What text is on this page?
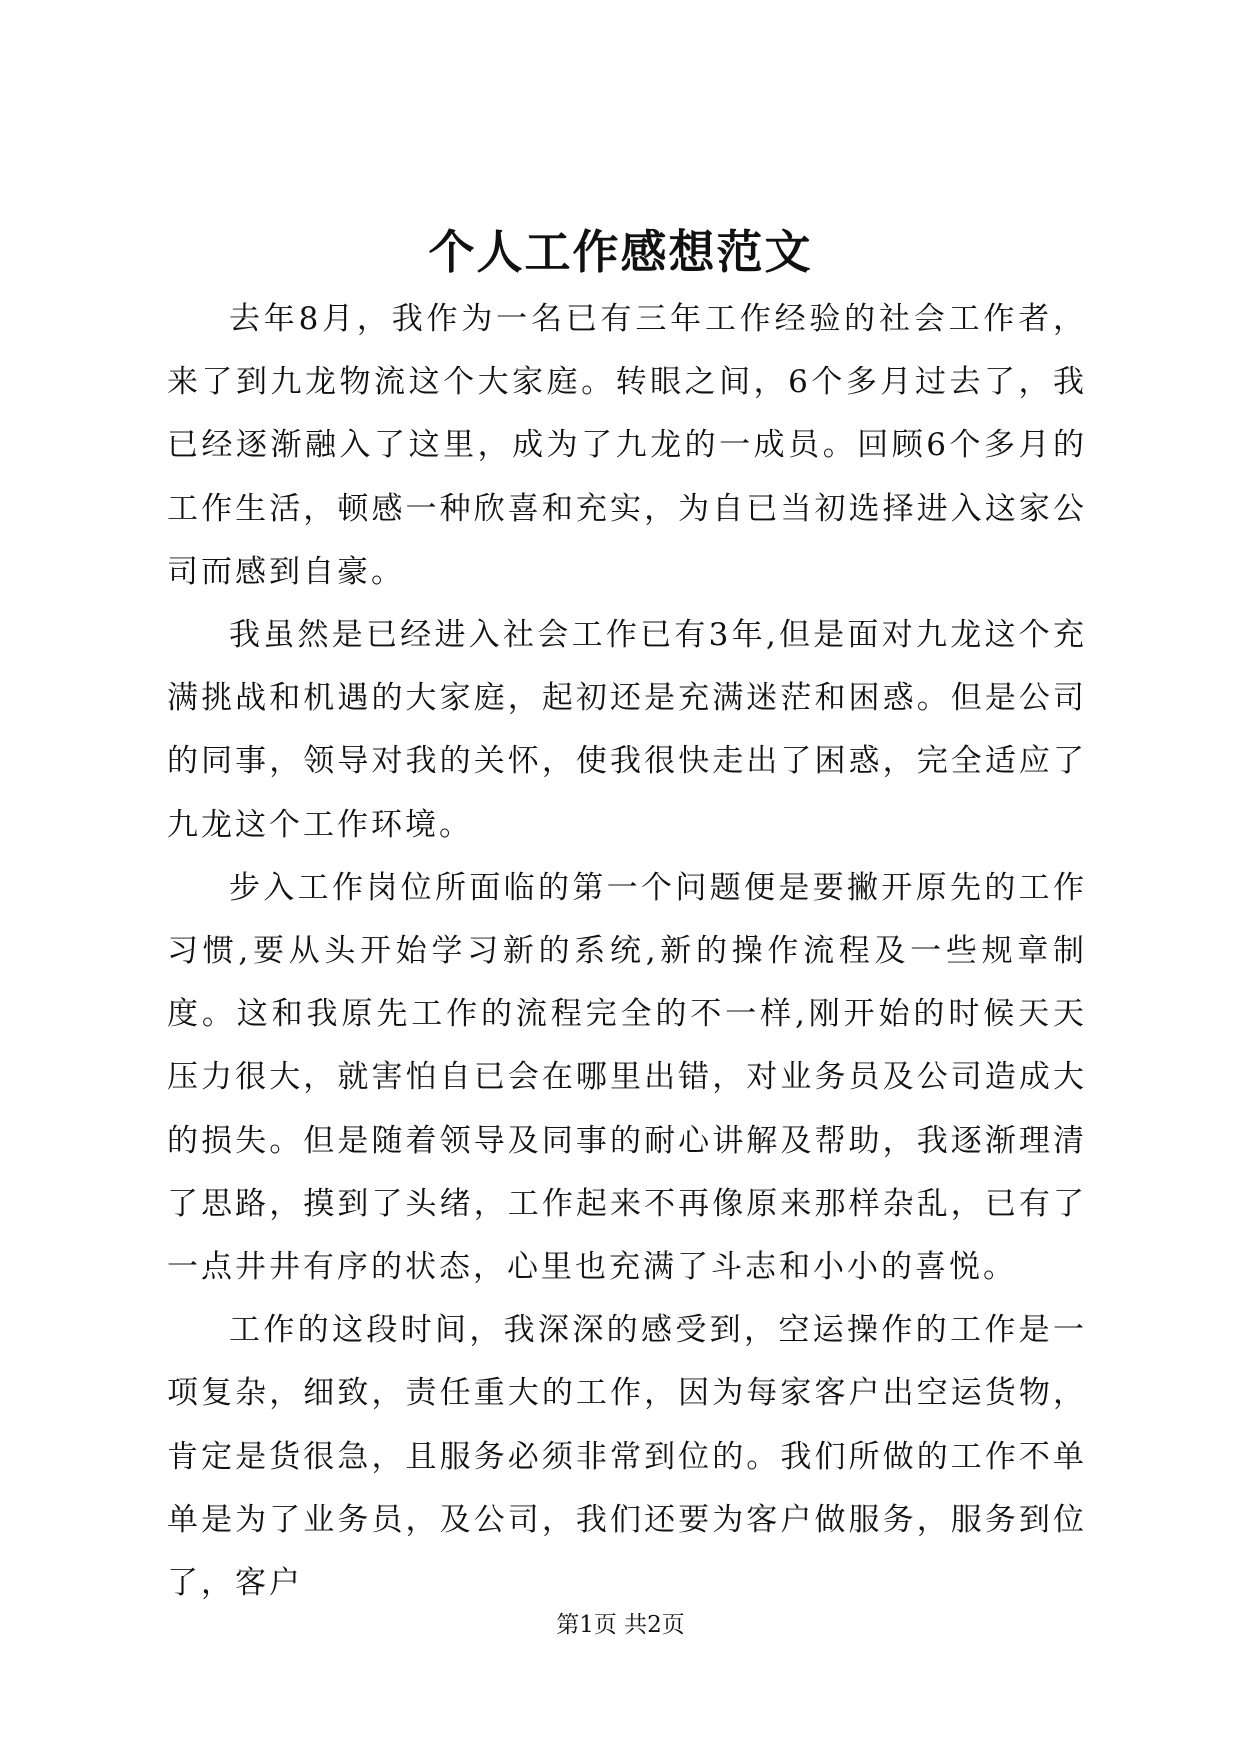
个人工作感想范文

去年8月，我作为一名已有三年工作经验的社会工作者，来了到九龙物流这个大家庭。转眼之间，6个多月过去了，我已经逐渐融入了这里，成为了九龙的一成员。回顾6个多月的工作生活，顿感一种欣喜和充实，为自已当初选择进入这家公司而感到自豪。

我虽然是已经进入社会工作已有3年,但是面对九龙这个充满挑战和机遇的大家庭，起初还是充满迷茫和困惑。但是公司的同事，领导对我的关怀，使我很快走出了困惑，完全适应了九龙这个工作环境。

步入工作岗位所面临的第一个问题便是要撇开原先的工作习惯,要从头开始学习新的系统,新的操作流程及一些规章制度。这和我原先工作的流程完全的不一样,刚开始的时候天天压力很大，就害怕自已会在哪里出错，对业务员及公司造成大的损失。但是随着领导及同事的耐心讲解及帮助，我逐渐理清了思路，摸到了头绪，工作起来不再像原来那样杂乱，已有了一点井井有序的状态，心里也充满了斗志和小小的喜悦。

工作的这段时间，我深深的感受到，空运操作的工作是一项复杂，细致，责任重大的工作，因为每家客户出空运货物，肯定是货很急，且服务必须非常到位的。我们所做的工作不单单是为了业务员，及公司，我们还要为客户做服务，服务到位了，客户

第1页 共2页
